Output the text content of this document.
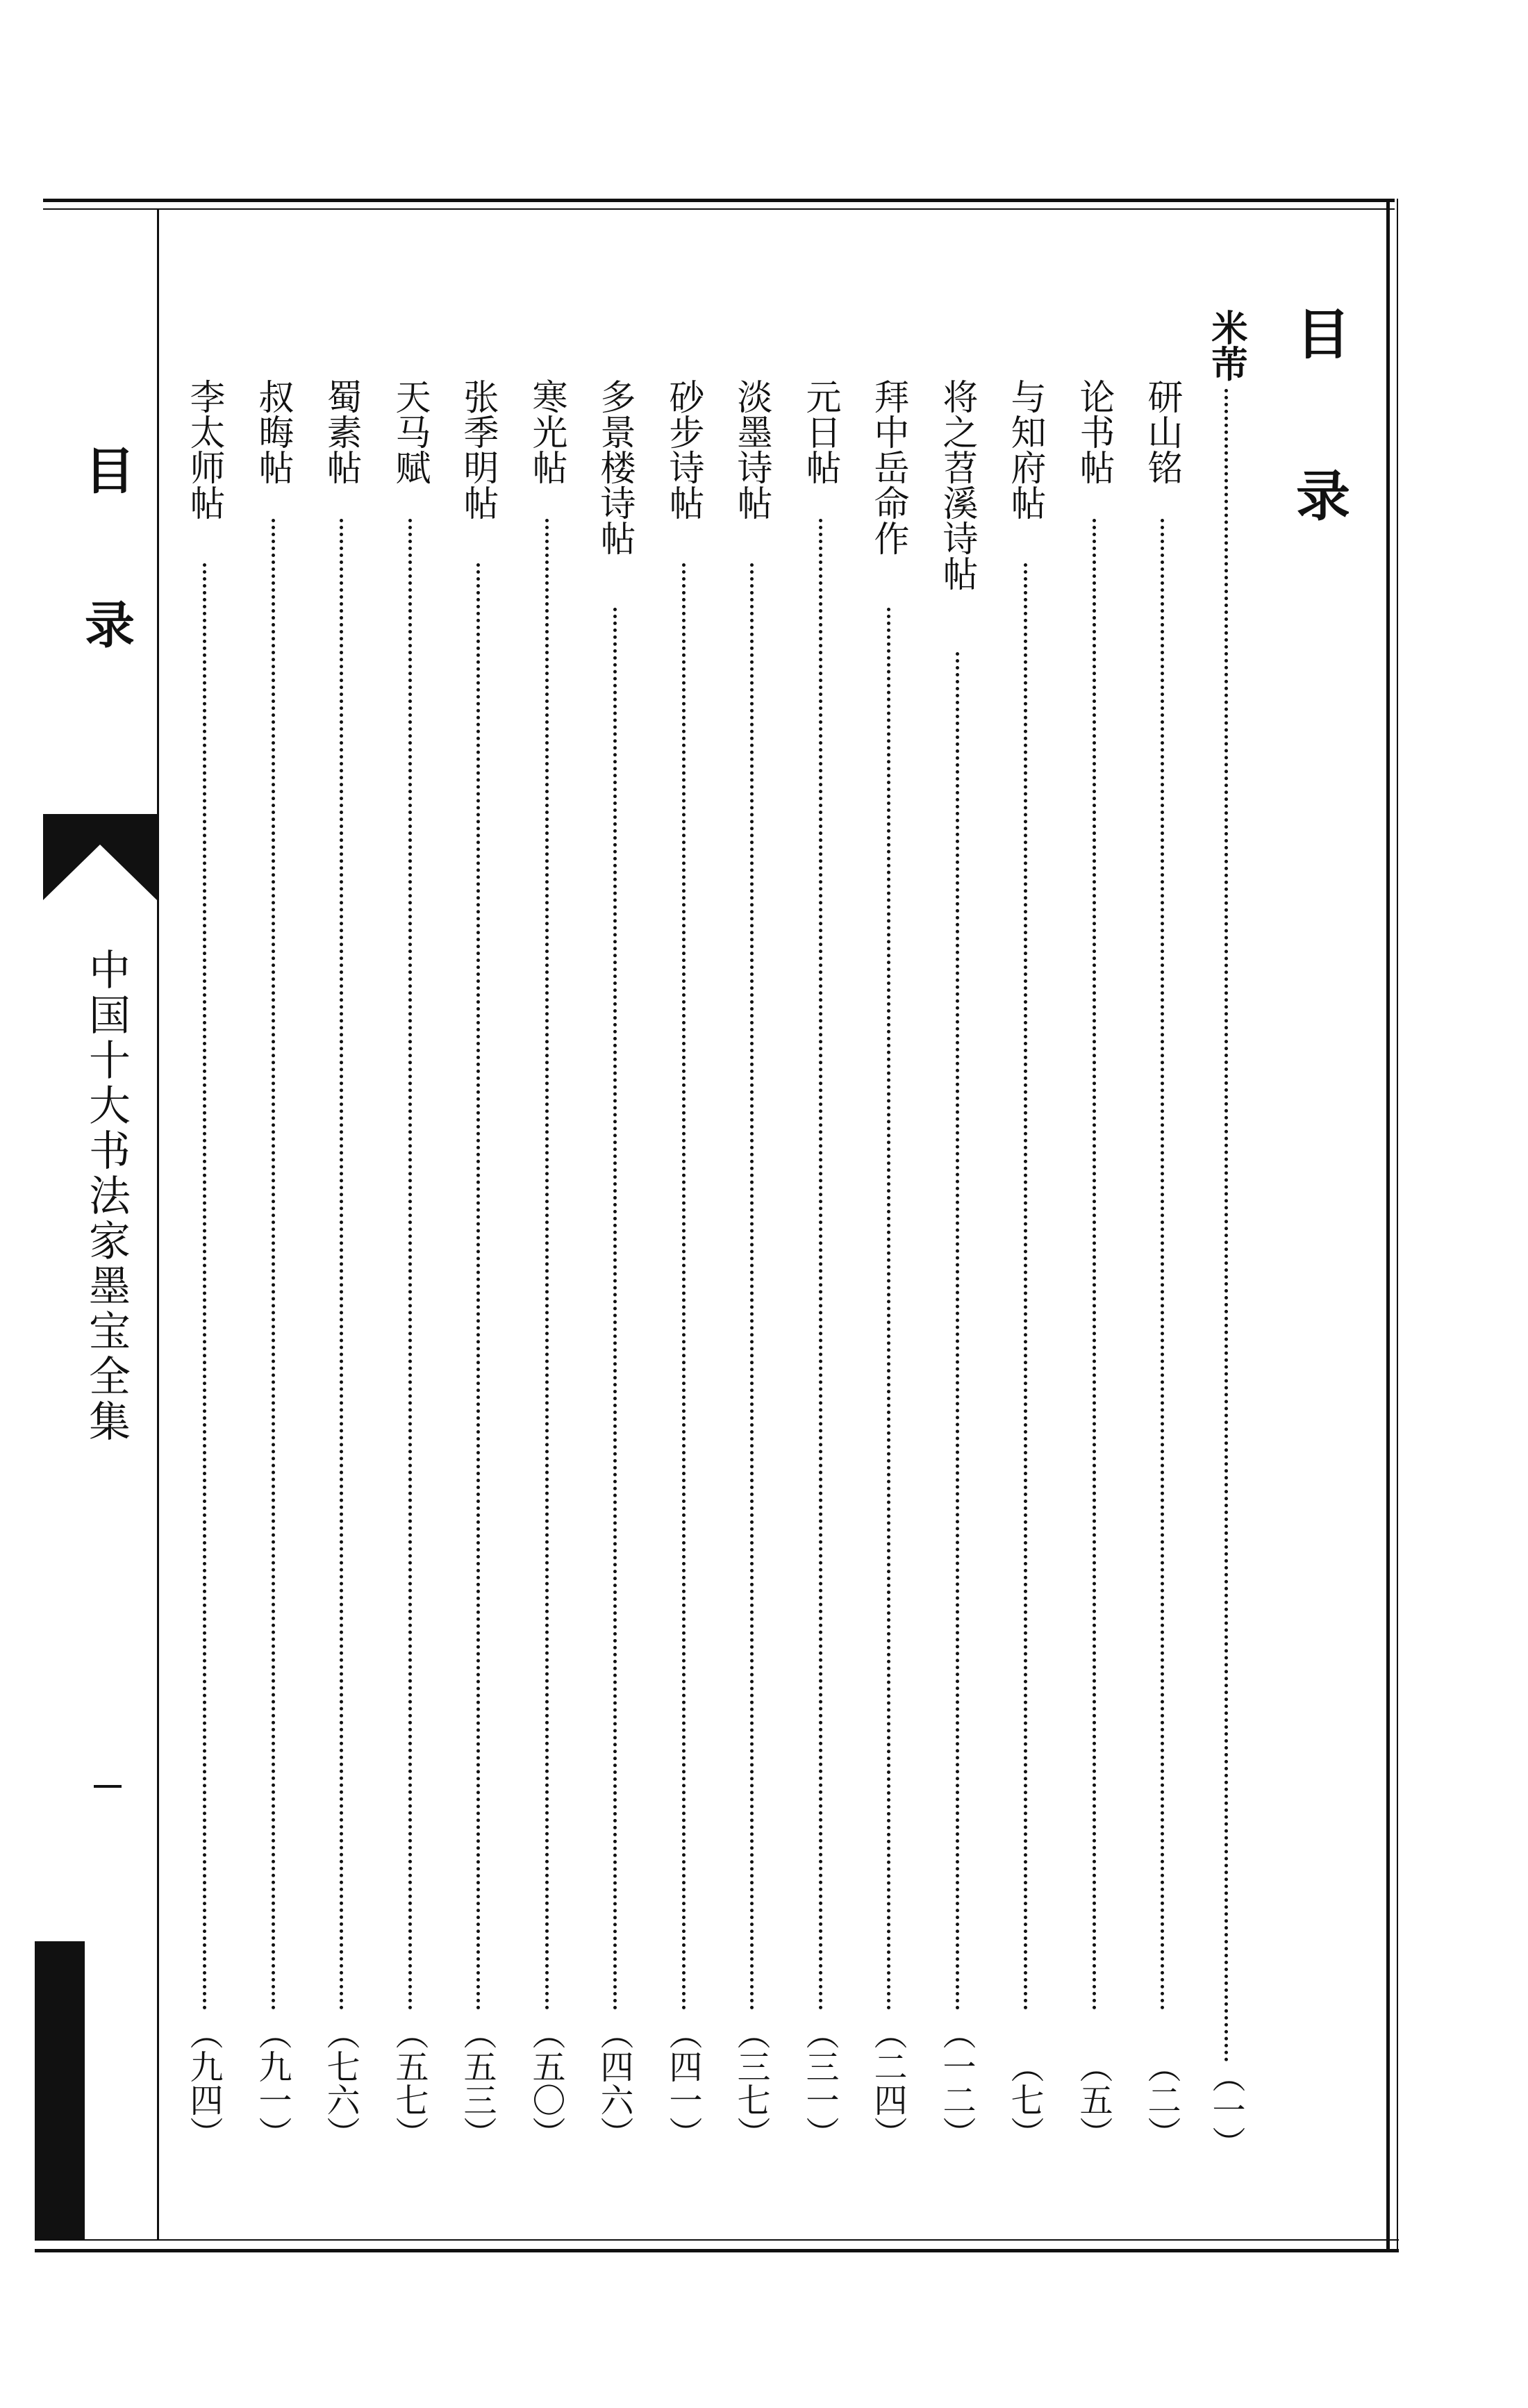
目录
中国十大书法家墨宝全集
目录
米芾
（一）
研山铭
（二）
论书帖
（五）
与知府帖
（七）
将之苕溪诗帖
（一二）
拜中岳命作
（二四）
元日帖
（三一）
淡墨诗帖
（三七）
砂步诗帖
（四一）
多景楼诗帖
（四六）
寒光帖
（五〇）
张季明帖
（五三）
天马赋
（五七）
蜀素帖
（七六）
叔晦帖
（九一）
李太师帖
（九四）
